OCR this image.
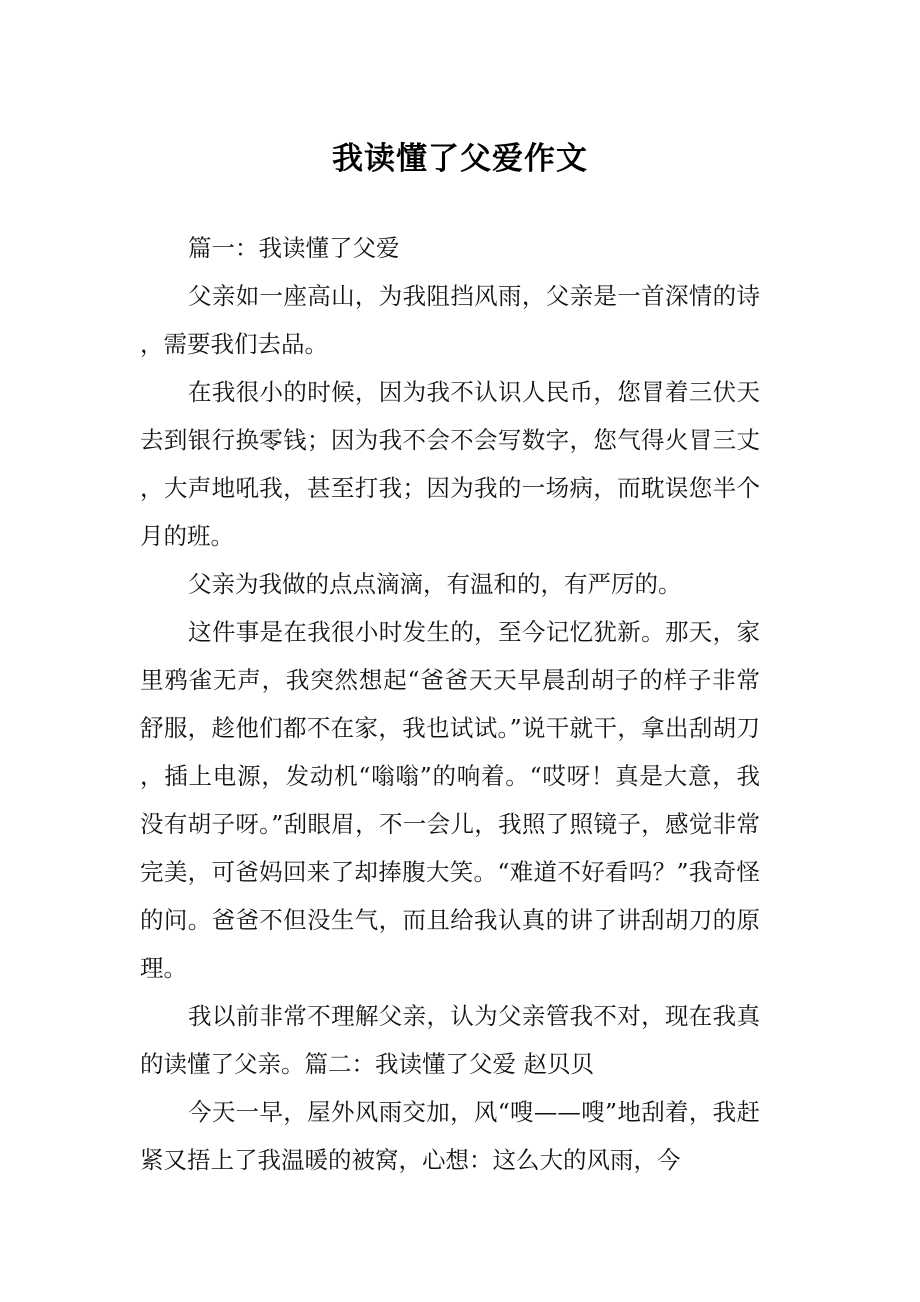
我读懂了父爱作文

篇一：我读懂了父爱

父亲如一座高山，为我阻挡风雨，父亲是一首深情的诗，需要我们去品。

在我很小的时候，因为我不认识人民币，您冒着三伏天去到银行换零钱；因为我不会不会写数字，您气得火冒三丈，大声地吼我，甚至打我；因为我的一场病，而耽误您半个月的班。

父亲为我做的点点滴滴，有温和的，有严厉的。

这件事是在我很小时发生的，至今记忆犹新。那天，家里鸦雀无声，我突然想起“爸爸天天早晨刮胡子的样子非常舒服，趁他们都不在家，我也试试。”说干就干，拿出刮胡刀，插上电源，发动机“嗡嗡”的响着。“哎呀！真是大意，我没有胡子呀。”刮眼眉，不一会儿，我照了照镜子，感觉非常完美，可爸妈回来了却捧腹大笑。“难道不好看吗？”我奇怪的问。爸爸不但没生气，而且给我认真的讲了讲刮胡刀的原理。

我以前非常不理解父亲，认为父亲管我不对，现在我真的读懂了父亲。篇二：我读懂了父爱 赵贝贝

今天一早，屋外风雨交加，风“嗖——嗖”地刮着，我赶紧又捂上了我温暖的被窝，心想：这么大的风雨，今
